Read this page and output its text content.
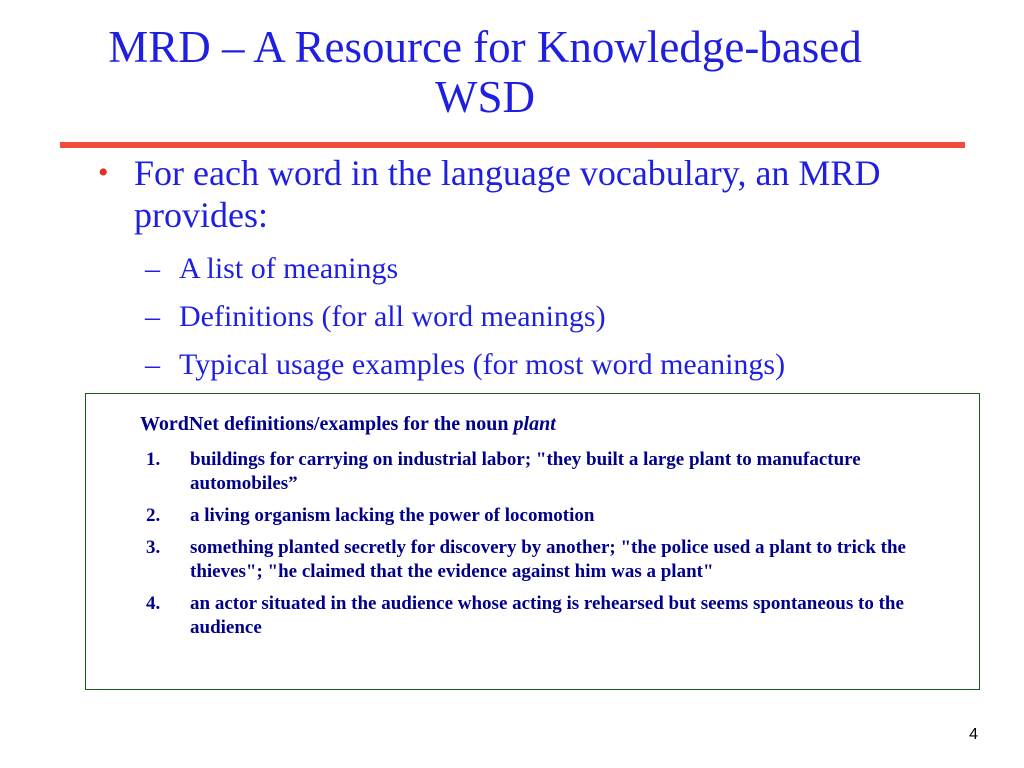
MRD – A Resource for Knowledge-based
WSD
• For each word in the language vocabulary, an MRD provides:
– A list of meanings
– Definitions (for all word meanings)
– Typical usage examples (for most word meanings)
WordNet definitions/examples for the noun plant
1. buildings for carrying on industrial labor; "they built a large plant to manufacture automobiles”
2. a living organism lacking the power of locomotion
3. something planted secretly for discovery by another; "the police used a plant to trick the thieves"; "he claimed that the evidence against him was a plant"
4. an actor situated in the audience whose acting is rehearsed but seems spontaneous to the audience
4
